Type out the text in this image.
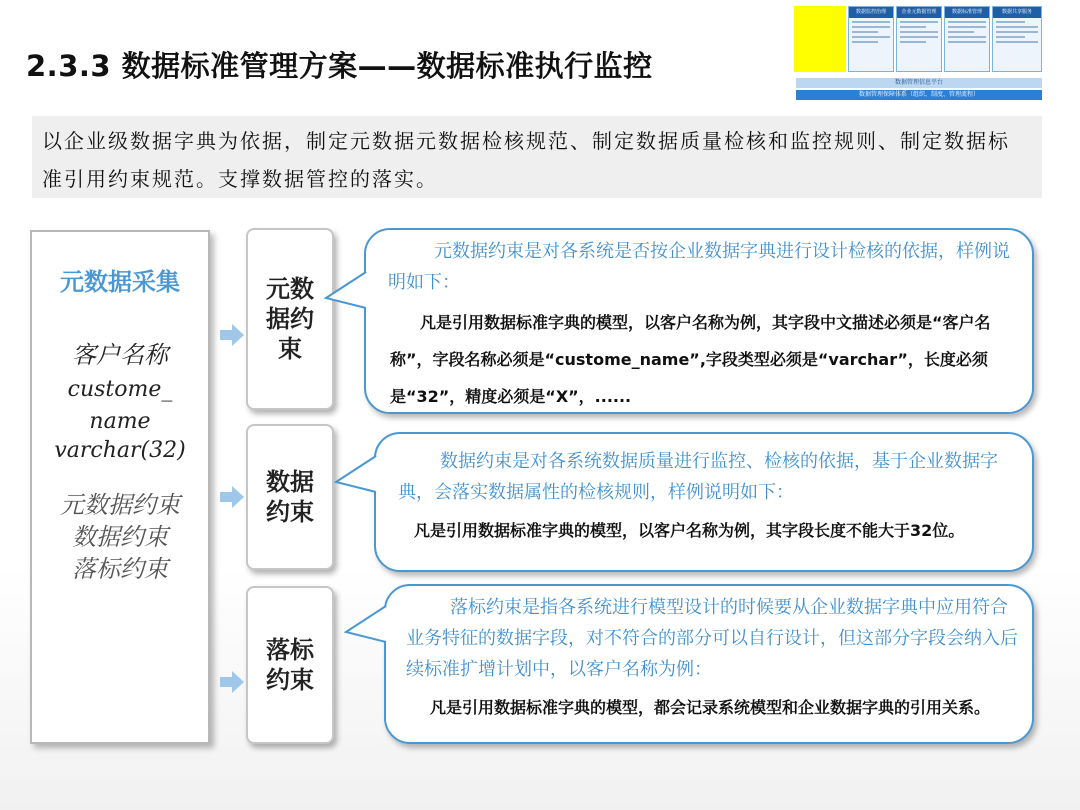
2.3.3 数据标准管理方案——数据标准执行监控
数据监控治理	企业元数据管理	数据标准管理	数据共享服务
数据管理信息平台
数据管理保障体系（组织、制度、管理流程）

以企业级数据字典为依据，制定元数据元数据检核规范、制定数据质量检核和监控规则、制定数据标准引用约束规范。支撑数据管控的落实。

元数据采集
客户名称
custome_name
varchar(32)
元数据约束
数据约束
落标约束
元数据约束
数据约束
落标约束
元数据约束是对各系统是否按企业数据字典进行设计检核的依据，样例说明如下：
凡是引用数据标准字典的模型，以客户名称为例，其字段中文描述必须是“客户名称”，字段名称必须是“custome_name”,字段类型必须是“varchar”，长度必须是“32”，精度必须是“X”，......
数据约束是对各系统数据质量进行监控、检核的依据，基于企业数据字典，会落实数据属性的检核规则，样例说明如下：
凡是引用数据标准字典的模型，以客户名称为例，其字段长度不能大于32位。
落标约束是指各系统进行模型设计的时候要从企业数据字典中应用符合业务特征的数据字段，对不符合的部分可以自行设计，但这部分字段会纳入后续标准扩增计划中，以客户名称为例：
凡是引用数据标准字典的模型，都会记录系统模型和企业数据字典的引用关系。
